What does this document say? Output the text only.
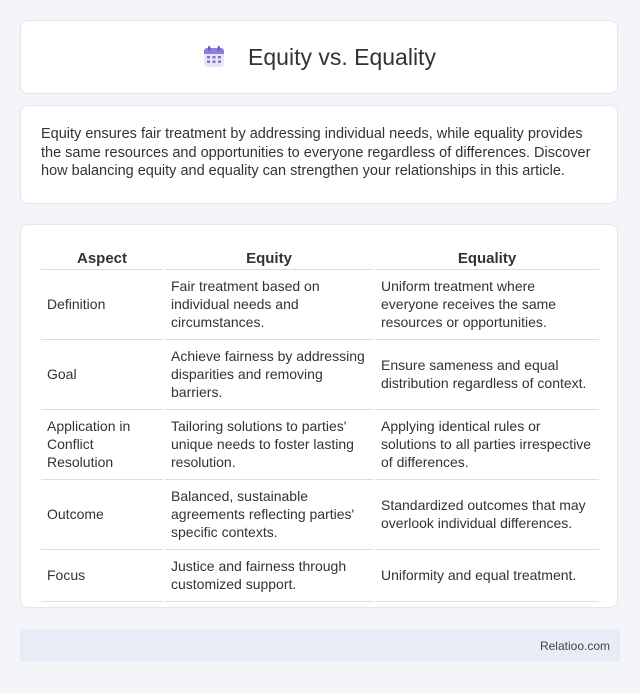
Equity vs. Equality

Equity ensures fair treatment by addressing individual needs, while equality provides the same resources and opportunities to everyone regardless of differences. Discover how balancing equity and equality can strengthen your relationships in this article.

Aspect	Equity	Equality
Definition	Fair treatment based on individual needs and circumstances.	Uniform treatment where everyone receives the same resources or opportunities.
Goal	Achieve fairness by addressing disparities and removing barriers.	Ensure sameness and equal distribution regardless of context.
Application in Conflict Resolution	Tailoring solutions to parties' unique needs to foster lasting resolution.	Applying identical rules or solutions to all parties irrespective of differences.
Outcome	Balanced, sustainable agreements reflecting parties' specific contexts.	Standardized outcomes that may overlook individual differences.
Focus	Justice and fairness through customized support.	Uniformity and equal treatment.
Relatioo.com
